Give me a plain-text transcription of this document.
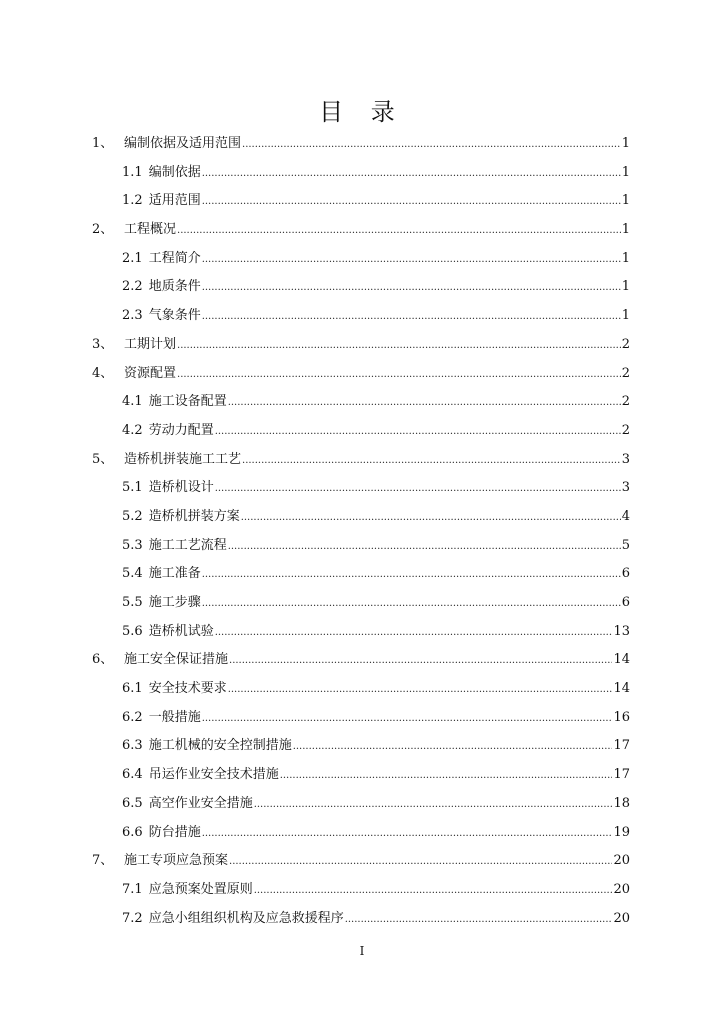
目 录
1、 编制依据及适用范围 .....	1
1.1 编制依据 .....	1
1.2 适用范围 .....	1
2、 工程概况 .....	1
2.1 工程简介 .....	1
2.2 地质条件 .....	1
2.3 气象条件 .....	1
3、 工期计划 .....	2
4、 资源配置 .....	2
4.1 施工设备配置 .....	2
4.2 劳动力配置 .....	2
5、 造桥机拼装施工工艺 .....	3
5.1 造桥机设计 .....	3
5.2 造桥机拼装方案 .....	4
5.3 施工工艺流程 .....	5
5.4 施工准备 .....	6
5.5 施工步骤 .....	6
5.6 造桥机试验 .....	13
6、 施工安全保证措施 .....	14
6.1 安全技术要求 .....	14
6.2 一般措施 .....	16
6.3 施工机械的安全控制措施 .....	17
6.4 吊运作业安全技术措施 .....	17
6.5 高空作业安全措施 .....	18
6.6 防台措施 .....	19
7、 施工专项应急预案 .....	20
7.1 应急预案处置原则 .....	20
7.2 应急小组组织机构及应急救援程序 .....	20
I
